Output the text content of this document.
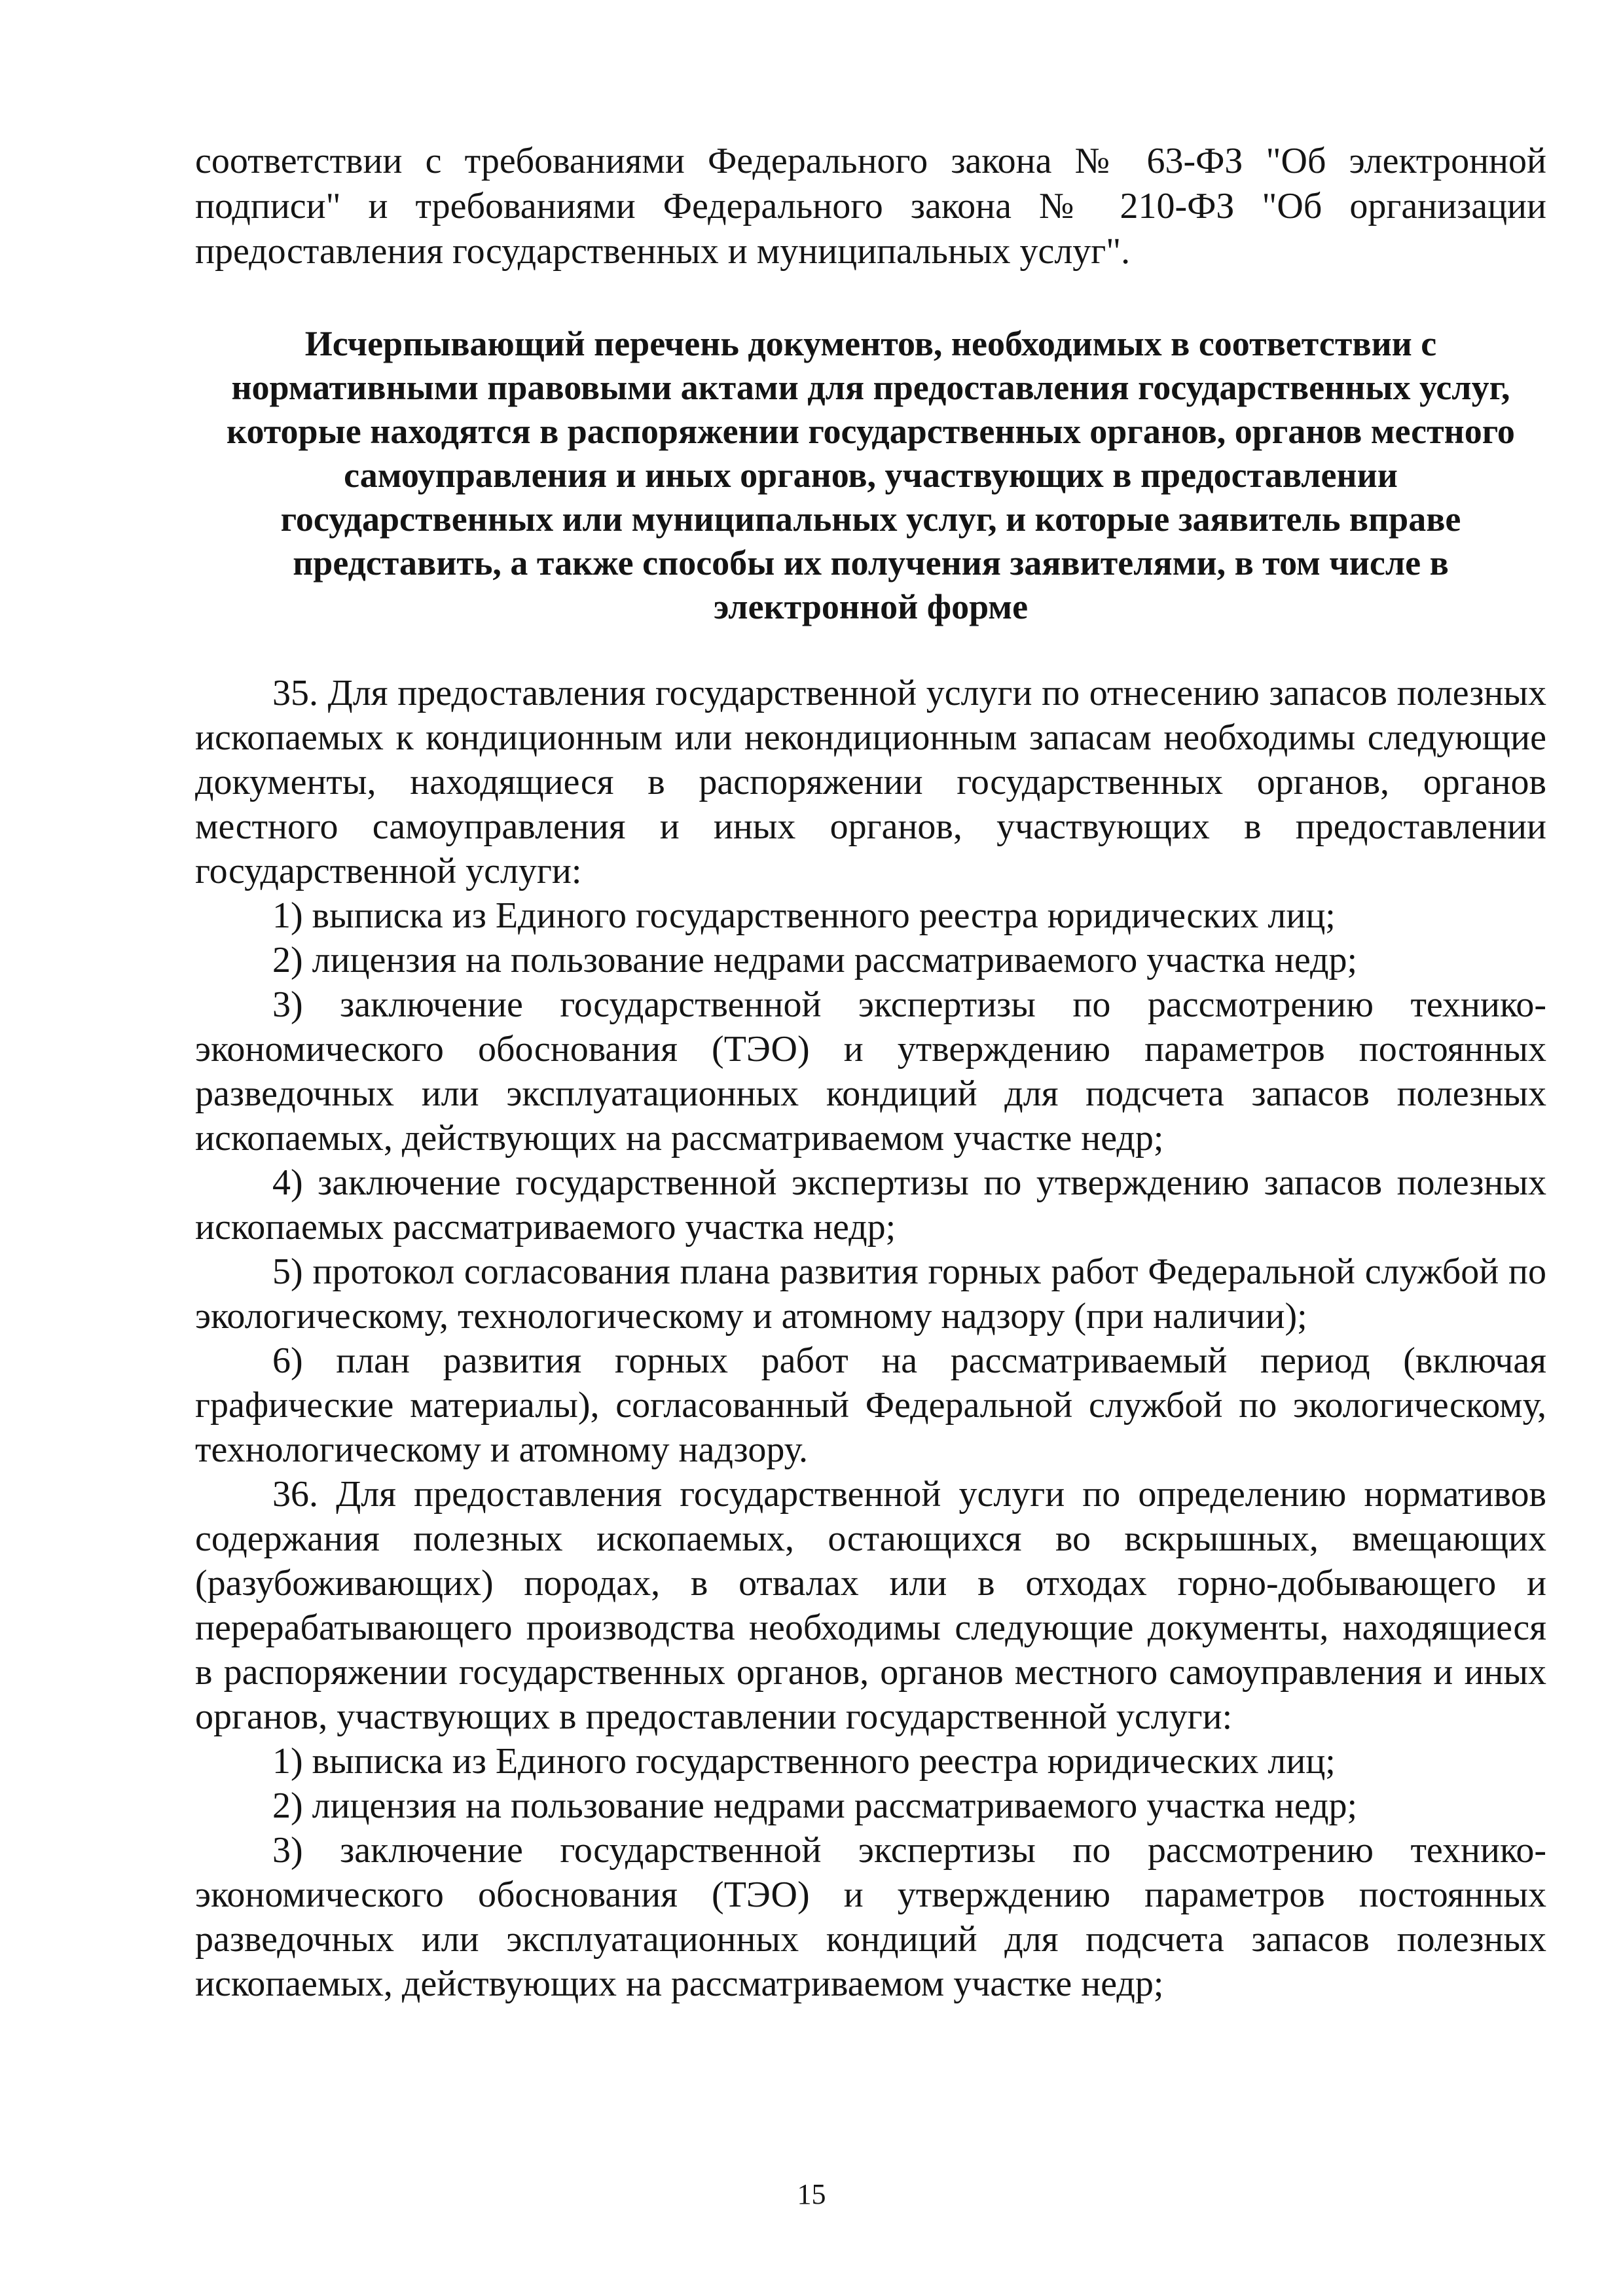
соответствии с требованиями Федерального закона № 63-ФЗ "Об электронной подписи" и требованиями Федерального закона № 210-ФЗ "Об организации предоставления государственных и муниципальных услуг".

Исчерпывающий перечень документов, необходимых в соответствии с нормативными правовыми актами для предоставления государственных услуг, которые находятся в распоряжении государственных органов, органов местного самоуправления и иных органов, участвующих в предоставлении государственных или муниципальных услуг, и которые заявитель вправе представить, а также способы их получения заявителями, в том числе в электронной форме

35. Для предоставления государственной услуги по отнесению запасов полезных ископаемых к кондиционным или некондиционным запасам необходимы следующие документы, находящиеся в распоряжении государственных органов, органов местного самоуправления и иных органов, участвующих в предоставлении государственной услуги:

1) выписка из Единого государственного реестра юридических лиц;

2) лицензия на пользование недрами рассматриваемого участка недр;

3) заключение государственной экспертизы по рассмотрению технико-экономического обоснования (ТЭО) и утверждению параметров постоянных разведочных или эксплуатационных кондиций для подсчета запасов полезных ископаемых, действующих на рассматриваемом участке недр;

4) заключение государственной экспертизы по утверждению запасов полезных ископаемых рассматриваемого участка недр;

5) протокол согласования плана развития горных работ Федеральной службой по экологическому, технологическому и атомному надзору (при наличии);

6) план развития горных работ на рассматриваемый период (включая графические материалы), согласованный Федеральной службой по экологическому, технологическому и атомному надзору.

36. Для предоставления государственной услуги по определению нормативов содержания полезных ископаемых, остающихся во вскрышных, вмещающих (разубоживающих) породах, в отвалах или в отходах горно-добывающего и перерабатывающего производства необходимы следующие документы, находящиеся в распоряжении государственных органов, органов местного самоуправления и иных органов, участвующих в предоставлении государственной услуги:

1) выписка из Единого государственного реестра юридических лиц;

2) лицензия на пользование недрами рассматриваемого участка недр;

3) заключение государственной экспертизы по рассмотрению технико-экономического обоснования (ТЭО) и утверждению параметров постоянных разведочных или эксплуатационных кондиций для подсчета запасов полезных ископаемых, действующих на рассматриваемом участке недр;

15
